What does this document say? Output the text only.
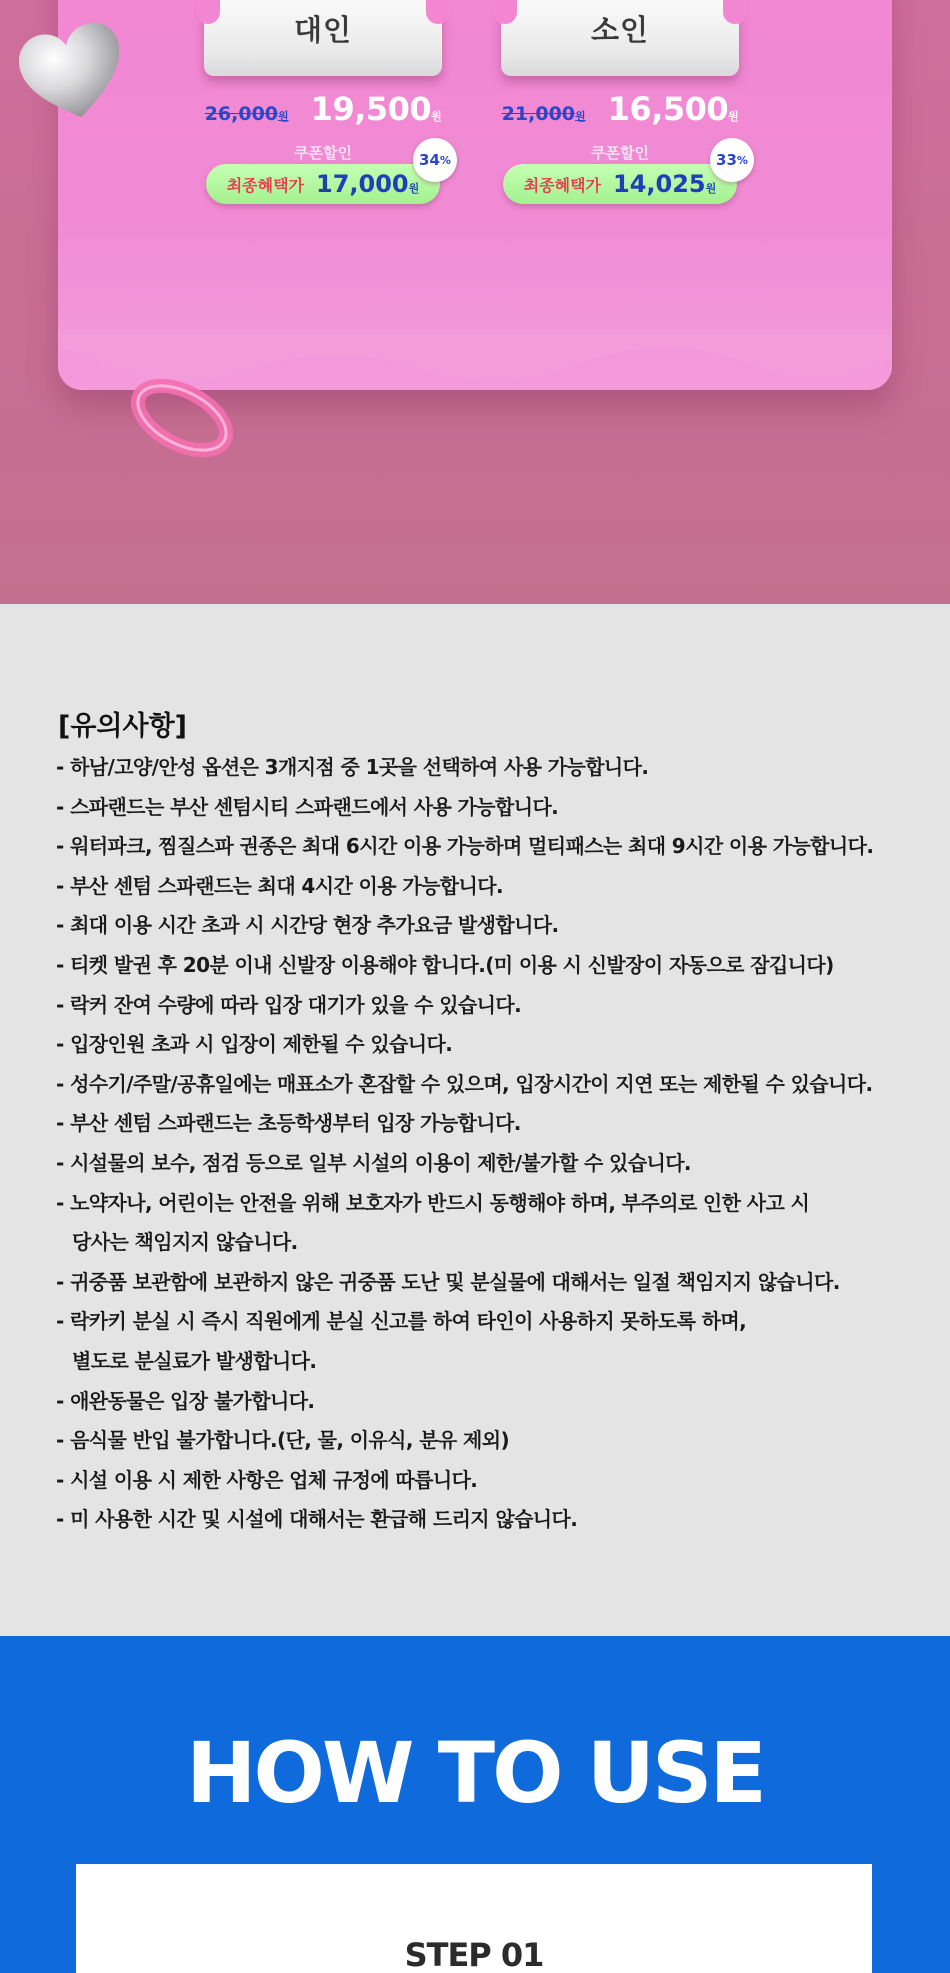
대인
26,000원 19,500원
쿠폰할인
최종혜택가 17,000원
34 %
소인
21,000원 16,500원
쿠폰할인
최종혜택가 14,025원
33 %
[유의사항]
- 하남/고양/안성 옵션은 3개지점 중 1곳을 선택하여 사용 가능합니다.
- 스파랜드는 부산 센텀시티 스파랜드에서 사용 가능합니다.
- 워터파크, 찜질스파 권종은 최대 6시간 이용 가능하며 멀티패스는 최대 9시간 이용 가능합니다.
- 부산 센텀 스파랜드는 최대 4시간 이용 가능합니다.
- 최대 이용 시간 초과 시 시간당 현장 추가요금 발생합니다.
- 티켓 발권 후 20분 이내 신발장 이용해야 합니다.(미 이용 시 신발장이 자동으로 잠깁니다)
- 락커 잔여 수량에 따라 입장 대기가 있을 수 있습니다.
- 입장인원 초과 시 입장이 제한될 수 있습니다.
- 성수기/주말/공휴일에는 매표소가 혼잡할 수 있으며, 입장시간이 지연 또는 제한될 수 있습니다.
- 부산 센텀 스파랜드는 초등학생부터 입장 가능합니다.
- 시설물의 보수, 점검 등으로 일부 시설의 이용이 제한/불가할 수 있습니다.
- 노약자나, 어린이는 안전을 위해 보호자가 반드시 동행해야 하며, 부주의로 인한 사고 시
당사는 책임지지 않습니다.
- 귀중품 보관함에 보관하지 않은 귀중품 도난 및 분실물에 대해서는 일절 책임지지 않습니다.
- 락카키 분실 시 즉시 직원에게 분실 신고를 하여 타인이 사용하지 못하도록 하며,
별도로 분실료가 발생합니다.
- 애완동물은 입장 불가합니다.
- 음식물 반입 불가합니다.(단, 물, 이유식, 분유 제외)
- 시설 이용 시 제한 사항은 업체 규정에 따릅니다.
- 미 사용한 시간 및 시설에 대해서는 환급해 드리지 않습니다.
HOW TO USE
STEP 01
